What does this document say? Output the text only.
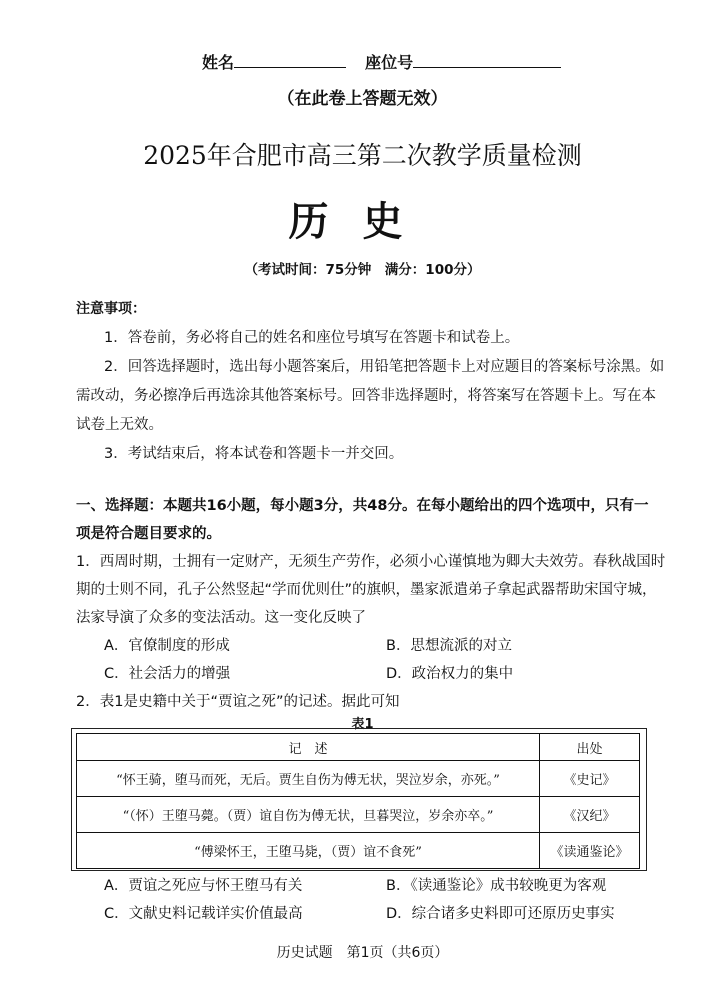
姓名	座位号
（在此卷上答题无效）
2025年合肥市高三第二次教学质量检测
历史
（考试时间：75分钟　满分：100分）
注意事项：
1．答卷前，务必将自己的姓名和座位号填写在答题卡和试卷上。
2．回答选择题时，选出每小题答案后，用铅笔把答题卡上对应题目的答案标号涂黑。如
需改动，务必擦净后再选涂其他答案标号。回答非选择题时，将答案写在答题卡上。写在本
试卷上无效。
3．考试结束后，将本试卷和答题卡一并交回。
一、选择题：本题共16小题，每小题3分，共48分。在每小题给出的四个选项中，只有一
项是符合题目要求的。
1．西周时期，士拥有一定财产，无须生产劳作，必须小心谨慎地为卿大夫效劳。春秋战国时
期的士则不同，孔子公然竖起“学而优则仕”的旗帜，墨家派遣弟子拿起武器帮助宋国守城，
法家导演了众多的变法活动。这一变化反映了
A．官僚制度的形成	B．思想流派的对立
C．社会活力的增强	D．政治权力的集中
2．表1是史籍中关于“贾谊之死”的记述。据此可知
表1
记　述	出处
“怀王骑，堕马而死，无后。贾生自伤为傅无状，哭泣岁余，亦死。”	《史记》
“（怀）王堕马薨。（贾）谊自伤为傅无状，旦暮哭泣，岁余亦卒。”	《汉纪》
“傅梁怀王，王堕马毙，（贾）谊不食死”	《读通鉴论》
A．贾谊之死应与怀王堕马有关	B．《读通鉴论》成书较晚更为客观
C．文献史料记载详实价值最高	D．综合诸多史料即可还原历史事实
历史试题　第1页（共6页）
